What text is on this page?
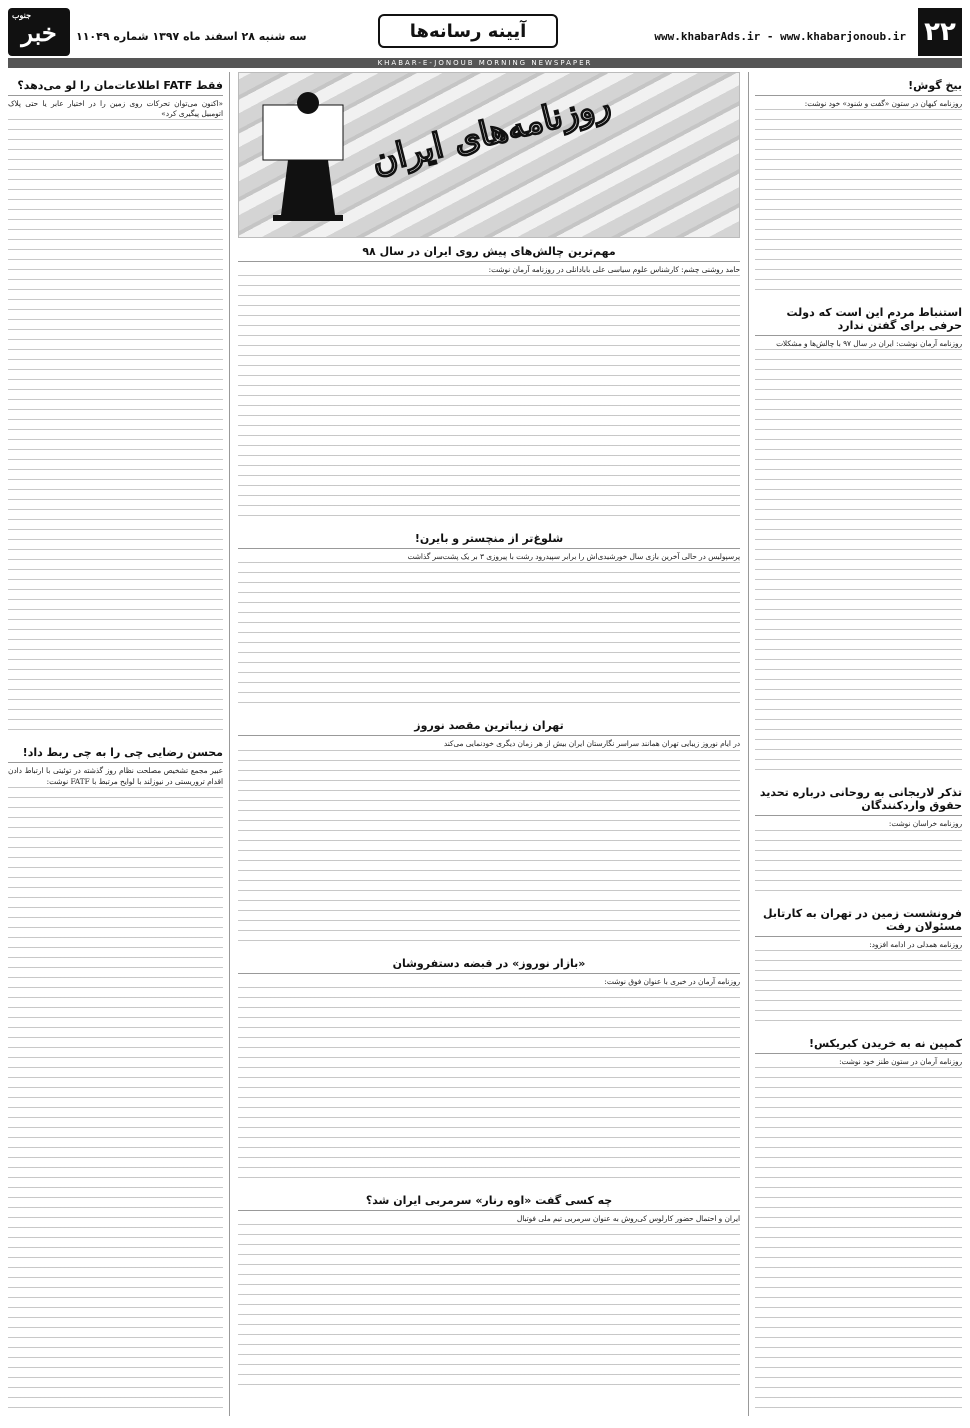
۲۲
www.khabarAds.ir - www.khabarjonoub.ir
آیینه رسانه‌ها
سه شنبه ۲۸ اسفند ماه ۱۳۹۷ شماره ۱۱۰۴۹
جنوب
خبر
KHABAR-E-JONOUB MORNING NEWSPAPER
بیخ گوش!

روزنامه کیهان در ستون «گفت و شنود» خود نوشت:

استنباط مردم این است که دولت حرفی برای گفتن ندارد

روزنامه آرمان نوشت: ایران در سال ۹۷ با چالش‌ها و مشکلات

تذکر لاریجانی به روحانی درباره تحدید حقوق واردکنندگان

روزنامه خراسان نوشت:

فرونشست زمین در تهران به کارتابل مسئولان رفت

روزنامه همدلی در ادامه افزود:

کمپین نه به خریدن کبریکس!

روزنامه آرمان در ستون طنز خود نوشت:

فقط FATF اطلاعات‌مان را لو می‌دهد؟

«اکنون می‌توان تحرکات روی زمین را در اختیار عابر یا حتی پلاک اتومبیل پیگیری کرد»

محسن رضایی چی را به چی ربط داد!

عبیر مجمع تشخیص مصلحت نظام روز گذشته در توئیتی با ارتباط دادن اقدام تروریستی در نیوزلند با لوایح مرتبط با FATF نوشت:

روزنامه‌های ایران
مهم‌ترین چالش‌های پیش روی ایران در سال ۹۸

حامد روشنی چشم: کارشناس علوم سیاسی علی بابادانلی در روزنامه آرمان نوشت:

شلوغ‌تر از منچستر و بایرن!

پرسپولیس در حالی آخرین بازی سال خورشیدی‌اش را برابر سپیدرود رشت با پیروزی ۳ بر یک پشت‌سر گذاشت

تهران زیباترین مقصد نوروز

در ایام نوروز زیبایی تهران همانند سراسر نگارستان ایران بیش از هر زمان دیگری خودنمایی می‌کند

«بازار نوروز» در قبضه دستفروشان

روزنامه آرمان در خبری با عنوان فوق نوشت:

چه کسی گفت «اوه رنار» سرمربی ایران شد؟

ایران و احتمال حضور کارلوس کی‌روش به عنوان سرمربی تیم ملی فوتبال
